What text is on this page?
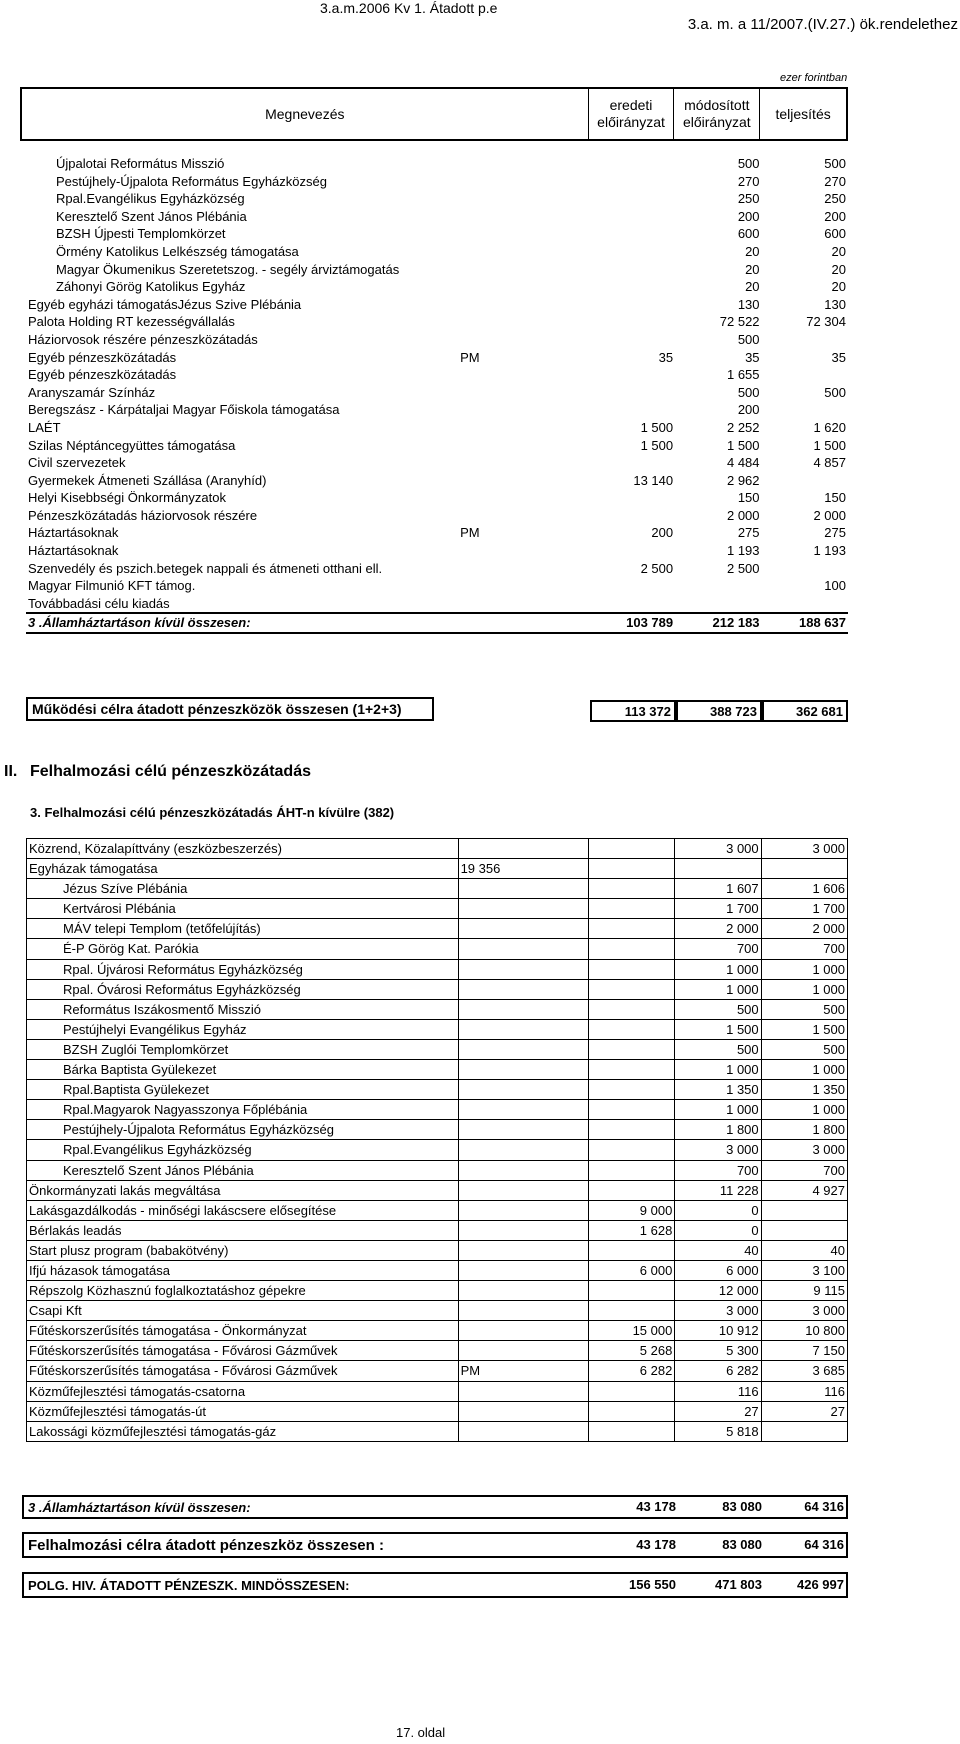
3.a.m.2006 Kv 1. Átadott p.e
3.a. m. a 11/2007.(IV.27.) ök.rendelethez
ezer forintban
Megnevezés
eredeti előirányzat
módosított előirányzat
teljesítés
Újpalotai Református Misszió			500	500
Pestújhely-Újpalota Református Egyházközség			270	270
Rpal.Evangélikus Egyházközség			250	250
Keresztelő Szent János Plébánia			200	200
BZSH Újpesti Templomkörzet			600	600
Örmény Katolikus Lelkészség támogatása			20	20
Magyar Ökumenikus Szeretetszog. - segély árviztámogatás			20	20
Záhonyi Görög Katolikus Egyház			20	20
Egyéb egyházi támogatásJézus Szive Plébánia			130	130
Palota Holding RT kezességvállalás			72 522	72 304
Háziorvosok részére pénzeszközátadás			500	
Egyéb pénzeszközátadás	PM	35	35	35
Egyéb pénzeszközátadás			1 655	
Aranyszamár Színház			500	500
Beregszász - Kárpátaljai Magyar Főiskola támogatása			200	
LAÉT		1 500	2 252	1 620
Szilas Néptáncegyüttes támogatása		1 500	1 500	1 500
Civil szervezetek			4 484	4 857
Gyermekek Átmeneti Szállása (Aranyhíd)		13 140	2 962	
Helyi Kisebbségi Önkormányzatok			150	150
Pénzeszközátadás háziorvosok részére			2 000	2 000
Háztartásoknak	PM	200	275	275
Háztartásoknak			1 193	1 193
Szenvedély és pszich.betegek nappali és átmeneti otthani ell.		2 500	2 500	
Magyar Filmunió KFT támog.				100
Továbbadási célu kiadás				
3 .Államháztartáson kívül összesen:		103 789	212 183	188 637
Működési célra átadott pénzeszközök összesen (1+2+3)	113 372	388 723	362 681
II. Felhalmozási célú pénzeszközátadás
3. Felhalmozási célú pénzeszközátadás ÁHT-n kívülre (382)
Közrend, Közalapíttvány (eszközbeszerzés)			3 000	3 000
Egyházak támogatása	19 356			
Jézus Szíve Plébánia			1 607	1 606
Kertvárosi Plébánia			1 700	1 700
MÁV telepi Templom (tetőfelújítás)			2 000	2 000
É-P Görög Kat. Parókia			700	700
Rpal. Újvárosi Református Egyházközség			1 000	1 000
Rpal. Óvárosi Református Egyházközség			1 000	1 000
Református Iszákosmentő Misszió			500	500
Pestújhelyi Evangélikus Egyház			1 500	1 500
BZSH Zuglói Templomkörzet			500	500
Bárka Baptista Gyülekezet			1 000	1 000
Rpal.Baptista Gyülekezet			1 350	1 350
Rpal.Magyarok Nagyasszonya Főplébánia			1 000	1 000
Pestújhely-Újpalota Református Egyházközség			1 800	1 800
Rpal.Evangélikus Egyházközség			3 000	3 000
Keresztelő Szent János Plébánia			700	700
Önkormányzati lakás megváltása			11 228	4 927
Lakásgazdálkodás - minőségi lakáscsere elősegítése		9 000	0	
Bérlakás leadás		1 628	0	
Start plusz program (babakötvény)			40	40
Ifjú házasok támogatása		6 000	6 000	3 100
Répszolg Közhasznú foglalkoztatáshoz gépekre			12 000	9 115
Csapi Kft			3 000	3 000
Fűtéskorszerűsítés támogatása - Önkormányzat		15 000	10 912	10 800
Fűtéskorszerűsítés támogatása - Fővárosi Gázművek		5 268	5 300	7 150
Fűtéskorszerűsítés támogatása - Fővárosi Gázművek	PM	6 282	6 282	3 685
Közműfejlesztési támogatás-csatorna			116	116
Közműfejlesztési támogatás-út			27	27
Lakossági közműfejlesztési támogatás-gáz			5 818	
3 .Államháztartáson kívül összesen:	43 178	83 080	64 316
Felhalmozási célra átadott pénzeszköz összesen :	43 178	83 080	64 316
POLG. HIV. ÁTADOTT PÉNZESZK. MINDÖSSZESEN:	156 550	471 803	426 997
17. oldal
